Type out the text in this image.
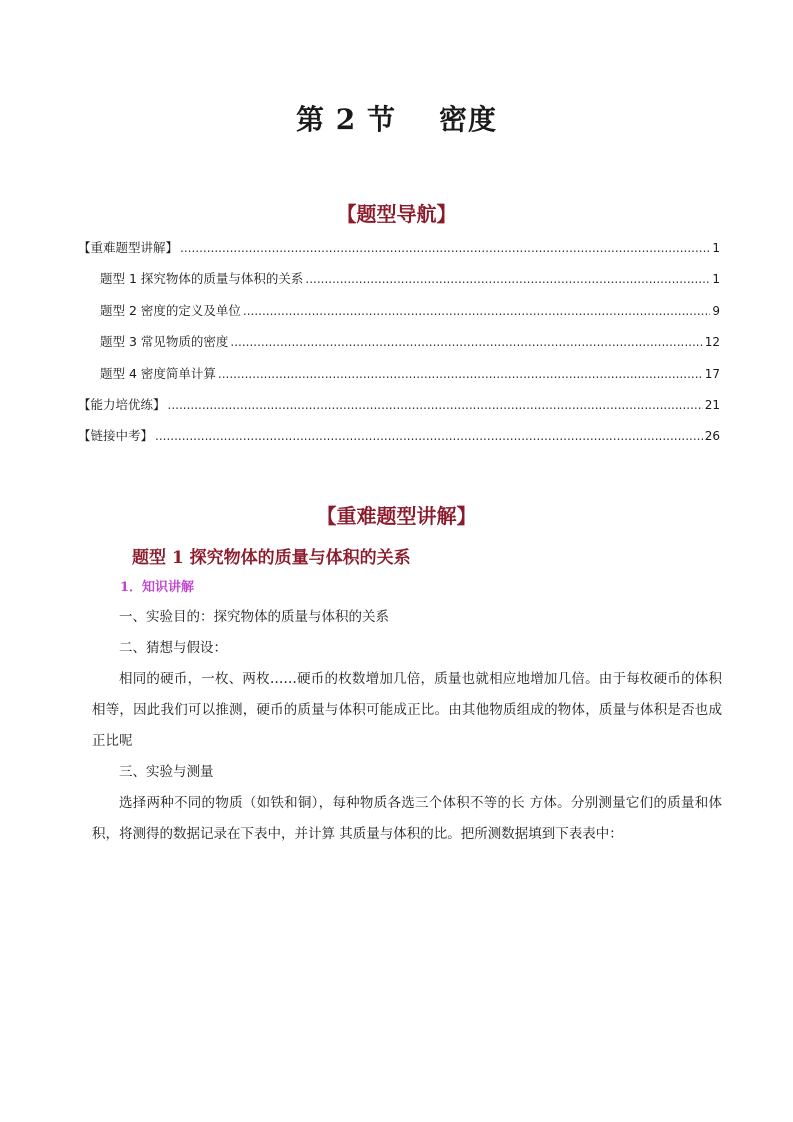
第 2 节    密度
【题型导航】
【重难题型讲解】 .....	1
题型 1 探究物体的质量与体积的关系 .....	1
题型 2 密度的定义及单位 .....	9
题型 3 常见物质的密度 .....	12
题型 4 密度简单计算 .....	17
【能力培优练】 .....	21
【链接中考】 .....	26
【重难题型讲解】
题型 1 探究物体的质量与体积的关系

1．知识讲解

一、实验目的：探究物体的质量与体积的关系

二、猜想与假设：

相同的硬币，一枚、两枚……硬币的枚数增加几倍，质量也就相应地增加几倍。由于每枚硬币的体积相等，因此我们可以推测，硬币的质量与体积可能成正比。由其他物质组成的物体，质量与体积是否也成正比呢

三、实验与测量

选择两种不同的物质（如铁和铜），每种物质各选三个体积不等的长 方体。分别测量它们的质量和体积，将测得的数据记录在下表中，并计算 其质量与体积的比。把所测数据填到下表表中：
